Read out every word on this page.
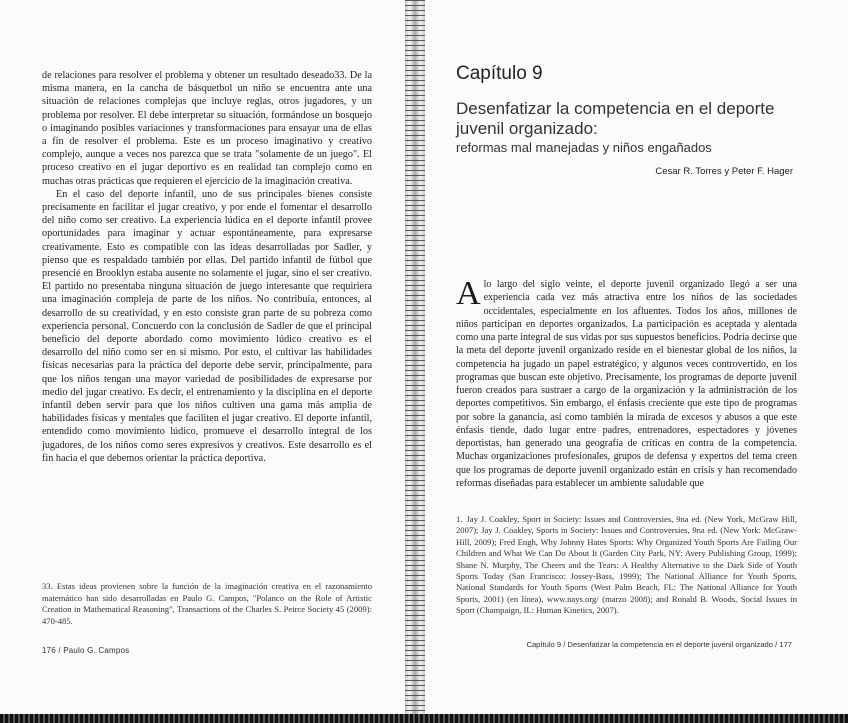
de relaciones para resolver el problema y obtener un resultado deseado33. De la misma manera, en la cancha de básquetbol un niño se encuentra ante una situación de relaciones complejas que incluye reglas, otros jugadores, y un problema por resolver. El debe interpretar su situación, formándose un bosquejo o imaginando posibles variaciones y transformaciones para ensayar una de ellas a fin de resolver el problema. Este es un proceso imaginativo y creativo complejo, aunque a veces nos parezca que se trata "solamente de un juego". El proceso creativo en el jugar deportivo es en realidad tan complejo como en muchas otras prácticas que requieren el ejercicio de la imaginación creativa.

En el caso del deporte infantil, uno de sus principales bienes consiste precisamente en facilitar el jugar creativo, y por ende el fomentar el desarrollo del niño como ser creativo. La experiencia lúdica en el deporte infantil provee oportunidades para imaginar y actuar espontáneamente, para expresarse creativamente. Esto es compatible con las ideas desarrolladas por Sadler, y pienso que es respaldado también por ellas. Del partido infantil de fútbol que presencié en Brooklyn estaba ausente no solamente el jugar, sino el ser creativo. El partido no presentaba ninguna situación de juego interesante que requiriera una imaginación compleja de parte de los niños. No contribuía, entonces, al desarrollo de su creatividad, y en esto consiste gran parte de su pobreza como experiencia personal. Concuerdo con la conclusión de Sadler de que el principal beneficio del deporte abordado como movimiento lúdico creativo es el desarrollo del niño como ser en sí mismo. Por esto, el cultivar las habilidades físicas necesarias para la práctica del deporte debe servir, principalmente, para que los niños tengan una mayor variedad de posibilidades de expresarse por medio del jugar creativo. Es decir, el entrenamiento y la disciplina en el deporte infantil deben servir para que los niños cultiven una gama más amplia de habilidades físicas y mentales que faciliten el jugar creativo. El deporte infantil, entendido como movimiento lúdico, promueve el desarrollo integral de los jugadores, de los niños como seres expresivos y creativos. Este desarrollo es el fin hacia el que debemos orientar la práctica deportiva.

33. Estas ideas provienen sobre la función de la imaginación creativa en el razonamiento matemático han sido desarrolladas en Paulo G. Campos, "Polanco on the Role of Artistic Creation in Mathematical Reasoning", Transactions of the Charles S. Peirce Society 45 (2009): 470-485.
176 / Paulo G. Campos
Capítulo 9
Desenfatizar la competencia en el deporte juvenil organizado:
reformas mal manejadas y niños engañados
Cesar R. Torres y Peter F. Hager
Alo largo del siglo veinte, el deporte juvenil organizado llegó a ser una experiencia cada vez más atractiva entre los niños de las sociedades occidentales, especialmente en los afluentes. Todos los años, millones de niños participan en deportes organizados. La participación es aceptada y alentada como una parte integral de sus vidas por sus supuestos beneficios. Podría decirse que la meta del deporte juvenil organizado reside en el bienestar global de los niños, la competencia ha jugado un papel estratégico, y algunos veces controvertido, en los programas que buscan este objetivo. Precisamente, los programas de deporte juvenil fueron creados para sustraer a cargo de la organización y la administración de los deportes competitivos. Sin embargo, el énfasis creciente que este tipo de programas por sobre la ganancia, así como también la mirada de excesos y abusos a que este énfasis tiende, dado lugar entre padres, entrenadores, espectadores y jóvenes deportistas, han generado una geografía de críticas en contra de la competencia. Muchas organizaciones profesionales, grupos de defensa y expertos del tema creen que los programas de deporte juvenil organizado están en crisis y han recomendado reformas diseñadas para establecer un ambiente saludable que
1. Jay J. Coakley, Sport in Society: Issues and Controversies, 9na ed. (New York, McGraw Hill, 2007); Jay J. Coakley, Sports in Society: Issues and Controversies, 9na ed. (New York: McGraw-Hill, 2009); Fred Engh, Why Johnny Hates Sports: Why Organized Youth Sports Are Failing Our Children and What We Can Do About It (Garden City Park, NY: Avery Publishing Group, 1999); Shane N. Murphy, The Cheers and the Tears: A Healthy Alternative to the Dark Side of Youth Sports Today (San Francisco: Jossey-Bass, 1999); The National Alliance for Youth Sports, National Standards for Youth Sports (West Palm Beach, FL: The National Alliance for Youth Sports, 2001) (en línea), www.nays.org/ (marzo 2008); and Ronald B. Woods, Social Issues in Sport (Champaign, IL: Human Kinetics, 2007).
Capítulo 9 / Desenfatizar la competencia en el deporte juvenil organizado / 177
